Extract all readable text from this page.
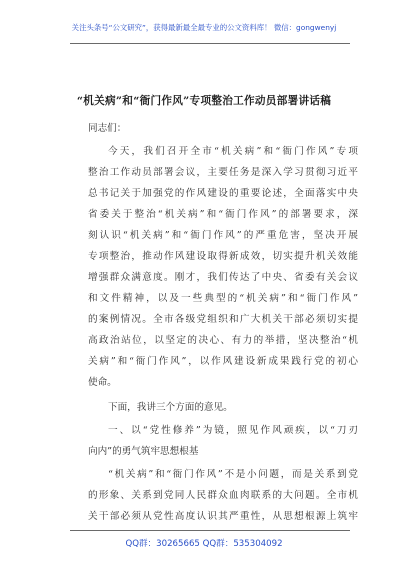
关注头条号“公文研究”，获得最新最全最专业的公文资料库！ 微信：gongwenyj
“机关病”和“衙门作风”专项整治工作动员部署讲话稿
同志们：
今天，我们召开全市“机关病”和“衙门作风”专项
整治工作动员部署会议，主要任务是深入学习贯彻习近平
总书记关于加强党的作风建设的重要论述，全面落实中央
省委关于整治“机关病”和“衙门作风”的部署要求，深
刻认识“机关病”和“衙门作风”的严重危害，坚决开展
专项整治，推动作风建设取得新成效，切实提升机关效能
增强群众满意度。刚才，我们传达了中央、省委有关会议
和文件精神，以及一些典型的“机关病”和“衙门作风”
的案例情况。全市各级党组织和广大机关干部必须切实提
高政治站位，以坚定的决心、有力的举措，坚决整治“机
关病”和“衙门作风”，以作风建设新成果践行党的初心
使命。
下面，我讲三个方面的意见。
一、以“党性修养”为镜，照见作风顽疾，以“刀刃
向内”的勇气筑牢思想根基
“机关病”和“衙门作风”不是小问题，而是关系到党
的形象、关系到党同人民群众血肉联系的大问题。全市机
关干部必须从党性高度认识其严重性，从思想根源上筑牢
QQ群：30265665 QQ群：535304092
